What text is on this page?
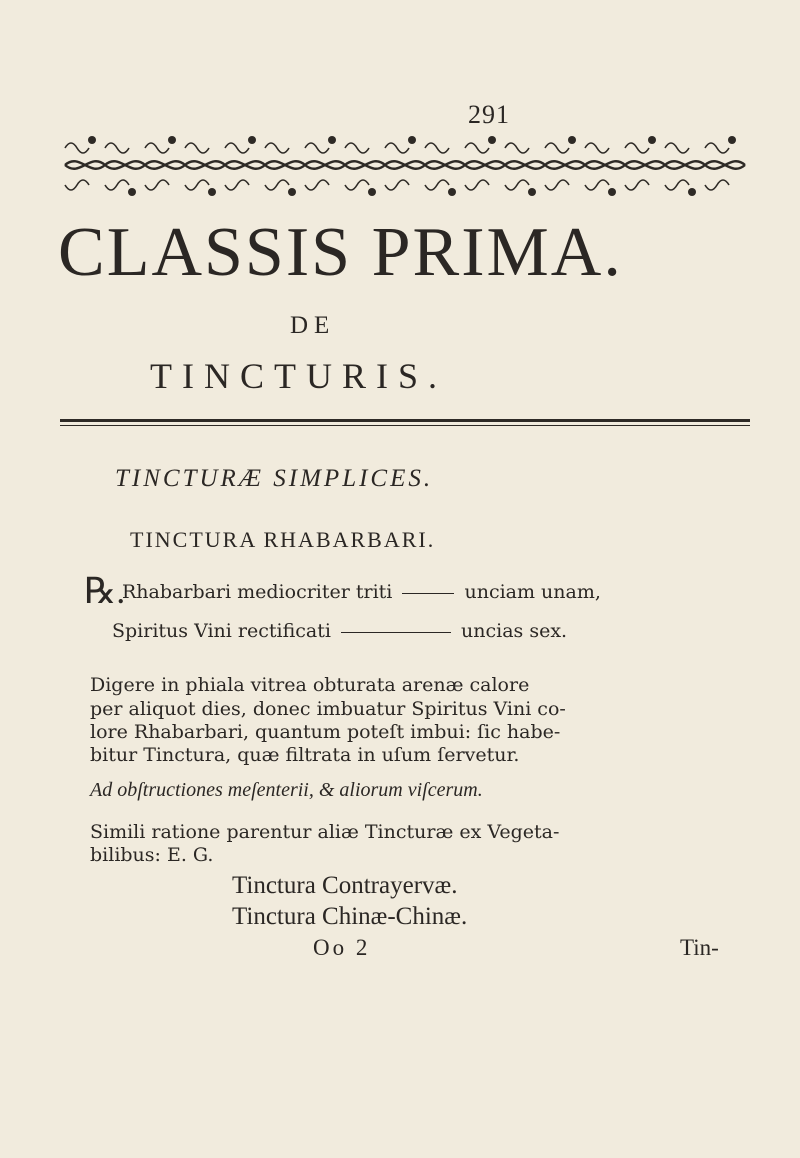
291
CLASSIS PRIMA.
DE
TINCTURIS.
TINCTURÆ SIMPLICES.
TINCTURA RHABARBARI.
℞.
Rhabarbari mediocriter triti	unciam unam,
Spiritus Vini rectificati	uncias sex.
Digere in phiala vitrea obturata arenæ calore
per aliquot dies, donec imbuatur Spiritus Vini co-
lore Rhabarbari, quantum poteſt imbui: ſic habe-
bitur Tinctura, quæ filtrata in uſum ſervetur.
Ad obſtructiones meſenterii, & aliorum viſcerum.
Simili ratione parentur aliæ Tincturæ ex Vegeta-
bilibus: E. G.
Tinctura Contrayervæ.
Tinctura Chinæ-Chinæ.
Oo 2	Tin-
